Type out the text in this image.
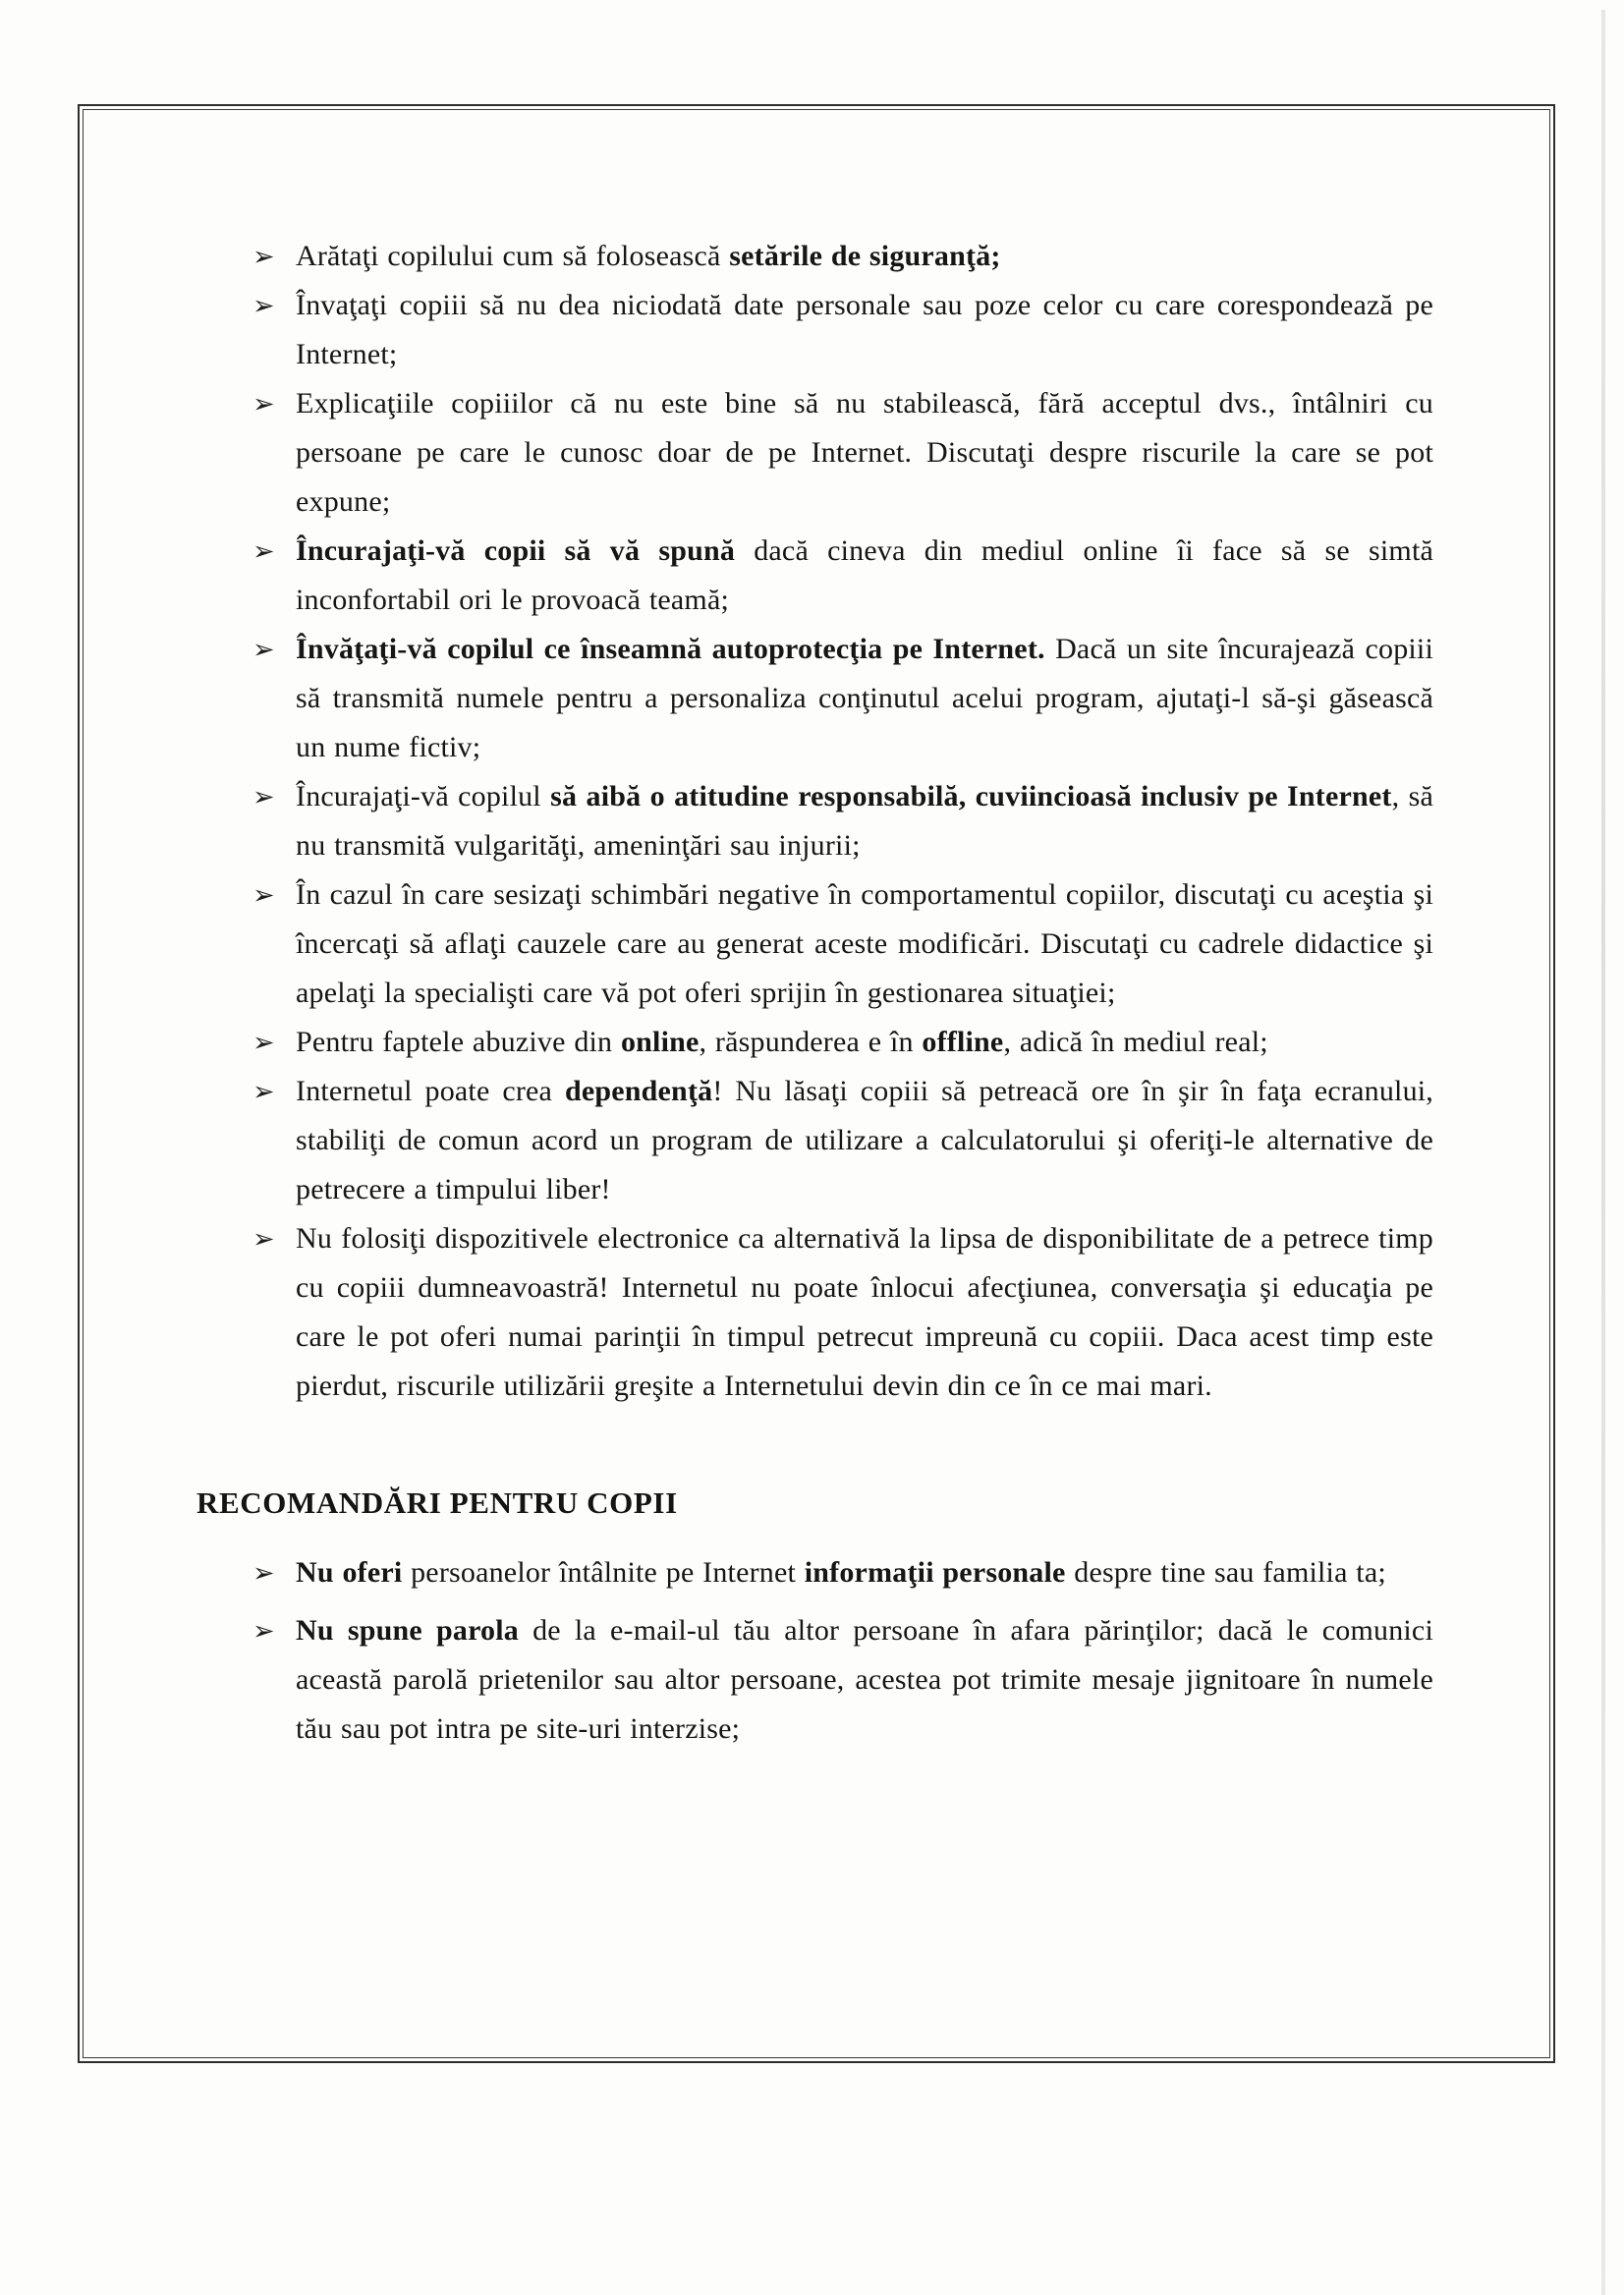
➢ Arătaţi copilului cum să folosească setările de siguranţă;

➢ Învaţaţi copiii să nu dea niciodată date personale sau poze celor cu care corespondează pe Internet;

➢ Explicaţiile copiiilor că nu este bine să nu stabilească, fără acceptul dvs., întâlniri cu persoane pe care le cunosc doar de pe Internet. Discutaţi despre riscurile la care se pot expune;

➢ Încurajaţi-vă copii să vă spună dacă cineva din mediul online îi face să se simtă inconfortabil ori le provoacă teamă;

➢ Învăţaţi-vă copilul ce înseamnă autoprotecţia pe Internet. Dacă un site încurajează copiii să transmită numele pentru a personaliza conţinutul acelui program, ajutaţi-l să-şi găsească un nume fictiv;

➢ Încurajaţi-vă copilul să aibă o atitudine responsabilă, cuviincioasă inclusiv pe Internet, să nu transmită vulgarităţi, ameninţări sau injurii;

➢ În cazul în care sesizaţi schimbări negative în comportamentul copiilor, discutaţi cu aceştia şi încercaţi să aflaţi cauzele care au generat aceste modificări. Discutaţi cu cadrele didactice şi apelaţi la specialişti care vă pot oferi sprijin în gestionarea situaţiei;

➢ Pentru faptele abuzive din online, răspunderea e în offline, adică în mediul real;

➢ Internetul poate crea dependenţă! Nu lăsaţi copiii să petreacă ore în şir în faţa ecranului, stabiliţi de comun acord un program de utilizare a calculatorului şi oferiţi-le alternative de petrecere a timpului liber!

➢ Nu folosiţi dispozitivele electronice ca alternativă la lipsa de disponibilitate de a petrece timp cu copiii dumneavoastră! Internetul nu poate înlocui afecţiunea, conversaţia şi educaţia pe care le pot oferi numai parinţii în timpul petrecut impreună cu copiii. Daca acest timp este pierdut, riscurile utilizării greşite a Internetului devin din ce în ce mai mari.

RECOMANDĂRI PENTRU COPII
➢ Nu oferi persoanelor întâlnite pe Internet informaţii personale despre tine sau familia ta;

➢ Nu spune parola de la e-mail-ul tău altor persoane în afara părinţilor; dacă le comunici această parolă prietenilor sau altor persoane, acestea pot trimite mesaje jignitoare în numele tău sau pot intra pe site-uri interzise;
